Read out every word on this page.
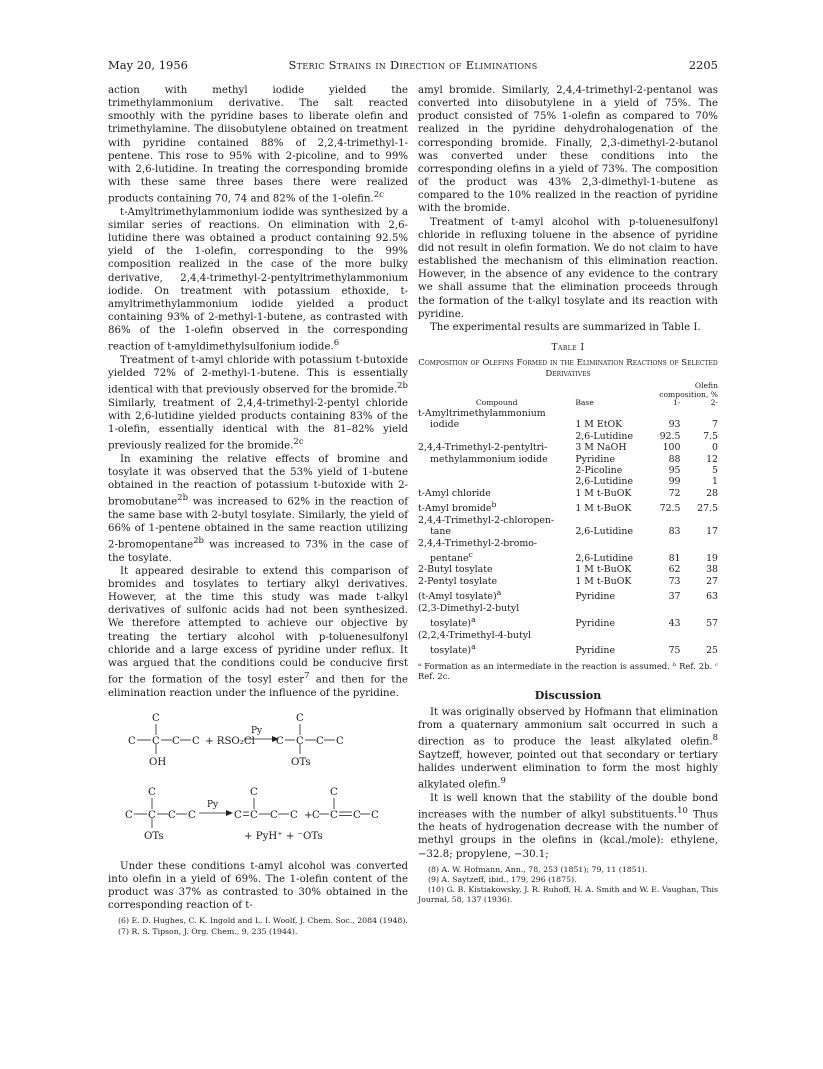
May 20, 1956	Steric Strains in Direction of Eliminations	2205

action with methyl iodide yielded the trimethylammonium derivative. The salt reacted smoothly with the pyridine bases to liberate olefin and trimethylamine. The diisobutylene obtained on treatment with pyridine contained 88% of 2,2,4-trimethyl-1-pentene. This rose to 95% with 2-picoline, and to 99% with 2,6-lutidine. In treating the corresponding bromide with these same three bases there were realized products containing 70, 74 and 82% of the 1-olefin.$^{2c}$

t-Amyltrimethylammonium iodide was synthesized by a similar series of reactions. On elimination with 2,6-lutidine there was obtained a product containing 92.5% yield of the 1-olefin, corresponding to the 99% composition realized in the case of the more bulky derivative, 2,4,4-trimethyl-2-pentyltrimethylammonium iodide. On treatment with potassium ethoxide, t-amyltrimethylammonium iodide yielded a product containing 93% of 2-methyl-1-butene, as contrasted with 86% of the 1-olefin observed in the corresponding reaction of t-amyldimethylsulfonium iodide.$^6$

Treatment of t-amyl chloride with potassium t-butoxide yielded 72% of 2-methyl-1-butene. This is essentially identical with that previously observed for the bromide.$^{2b}$ Similarly, treatment of 2,4,4-trimethyl-2-pentyl chloride with 2,6-lutidine yielded products containing 83% of the 1-olefin, essentially identical with the 81–82% yield previously realized for the bromide.$^{2c}$

In examining the relative effects of bromine and tosylate it was observed that the 53% yield of 1-butene obtained in the reaction of potassium t-butoxide with 2-bromobutane$^{2b}$ was increased to 62% in the reaction of the same base with 2-butyl tosylate. Similarly, the yield of 66% of 1-pentene obtained in the same reaction utilizing 2-bromopentane$^{2b}$ was increased to 73% in the case of the tosylate.

It appeared desirable to extend this comparison of bromides and tosylates to tertiary alkyl derivatives. However, at the time this study was made t-alkyl derivatives of sulfonic acids had not been synthesized. We therefore attempted to achieve our objective by treating the tertiary alcohol with p-toluenesulfonyl chloride and a large excess of pyridine under reflux. It was argued that the conditions could be conducive first for the formation of the tosyl ester$^7$ and then for the elimination reaction under the influence of the pyridine.

C
C C C C
OH
+ RSO₂Cl
Py
C
C
C C C
OTs
C
C C C C
OTs
Py
C
C
C C C + C
C
C C C
+ PyH⁺ + ⁻OTs

Under these conditions t-amyl alcohol was converted into olefin in a yield of 69%. The 1-olefin content of the product was 37% as contrasted to 30% obtained in the corresponding reaction of t-

(6) E. D. Hughes, C. K. Ingold and L. I. Woolf, J. Chem. Soc., 2084 (1948).

(7) R. S. Tipson, J. Org. Chem., 9, 235 (1944).

amyl bromide. Similarly, 2,4,4-trimethyl-2-pentanol was converted into diisobutylene in a yield of 75%. The product consisted of 75% 1-olefin as compared to 70% realized in the pyridine dehydrohalogenation of the corresponding bromide. Finally, 2,3-dimethyl-2-butanol was converted under these conditions into the corresponding olefins in a yield of 73%. The composition of the product was 43% 2,3-dimethyl-1-butene as compared to the 10% realized in the reaction of pyridine with the bromide.

Treatment of t-amyl alcohol with p-toluenesulfonyl chloride in refluxing toluene in the absence of pyridine did not result in olefin formation. We do not claim to have established the mechanism of this elimination reaction. However, in the absence of any evidence to the contrary we shall assume that the elimination proceeds through the formation of the t-alkyl tosylate and its reaction with pyridine.

The experimental results are summarized in Table I.

Table I
Composition of Olefins Formed in the Elimination Reactions of Selected Derivatives
		Olefin composition, %	
Compound	Base	1-	2-
t-Amyltrimethylammonium			
iodide	1 M EtOK	93	7
	2,6-Lutidine	92.5	7.5
2,4,4-Trimethyl-2-pentyltri-	3 M NaOH	100	0
methylammonium iodide	Pyridine	88	12
	2-Picoline	95	5
	2,6-Lutidine	99	1
t-Amyl chloride	1 M t-BuOK	72	28
t-Amyl bromide$^b$	1 M t-BuOK	72.5	27.5
2,4,4-Trimethyl-2-chloropen-			
tane	2,6-Lutidine	83	17
2,4,4-Trimethyl-2-bromo-			
pentane$^c$	2,6-Lutidine	81	19
2-Butyl tosylate	1 M t-BuOK	62	38
2-Pentyl tosylate	1 M t-BuOK	73	27
(t-Amyl tosylate)$^a$	Pyridine	37	63
(2,3-Dimethyl-2-butyl			
tosylate)$^a$	Pyridine	43	57
(2,2,4-Trimethyl-4-butyl			
tosylate)$^a$	Pyridine	75	25
ᵃ Formation as an intermediate in the reaction is assumed. ᵇ Ref. 2b. ᶜ Ref. 2c.
Discussion

It was originally observed by Hofmann that elimination from a quaternary ammonium salt occurred in such a direction as to produce the least alkylated olefin.$^8$ Saytzeff, however, pointed out that secondary or tertiary halides underwent elimination to form the most highly alkylated olefin.$^9$

It is well known that the stability of the double bond increases with the number of alkyl substituents.$^{10}$ Thus the heats of hydrogenation decrease with the number of methyl groups in the olefins in (kcal./mole): ethylene, −32.8; propylene, −30.1;

(8) A. W. Hofmann, Ann., 78, 253 (1851); 79, 11 (1851).

(9) A. Saytzeff, ibid., 179, 296 (1875).

(10) G. B. Kistiakowsky, J. R. Ruhoff, H. A. Smith and W. E. Vaughan, This Journal, 58, 137 (1936).
